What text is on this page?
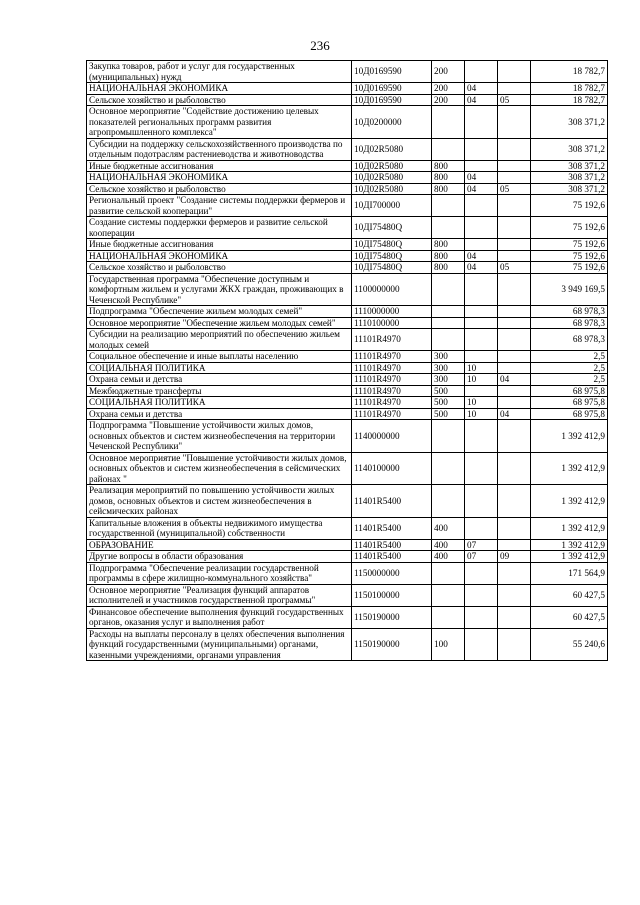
236
Закупка товаров, работ и услуг для государственных (муниципальных) нужд	10Д0169590	200			18 782,7
НАЦИОНАЛЬНАЯ ЭКОНОМИКА	10Д0169590	200	04		18 782,7
Сельское хозяйство и рыболовство	10Д0169590	200	04	05	18 782,7
Основное мероприятие "Содействие достижению целевых показателей региональных программ развития агропромышленного комплекса"	10Д0200000				308 371,2
Субсидии на поддержку сельскохозяйственного производства по отдельным подотраслям растениеводства и животноводства	10Д02R5080				308 371,2
Иные бюджетные ассигнования	10Д02R5080	800			308 371,2
НАЦИОНАЛЬНАЯ ЭКОНОМИКА	10Д02R5080	800	04		308 371,2
Сельское хозяйство и рыболовство	10Д02R5080	800	04	05	308 371,2
Региональный проект "Создание системы поддержки фермеров и развитие сельской кооперации"	10ДI700000				75 192,6
Создание системы поддержки фермеров и развитие сельской кооперации	10ДI75480Q				75 192,6
Иные бюджетные ассигнования	10ДI75480Q	800			75 192,6
НАЦИОНАЛЬНАЯ ЭКОНОМИКА	10ДI75480Q	800	04		75 192,6
Сельское хозяйство и рыболовство	10ДI75480Q	800	04	05	75 192,6
Государственная программа "Обеспечение доступным и комфортным жильем и услугами ЖКХ граждан, проживающих в Чеченской Республике"	1100000000				3 949 169,5
Подпрограмма "Обеспечение жильем молодых семей"	1110000000				68 978,3
Основное мероприятие "Обеспечение жильем молодых семей"	1110100000				68 978,3
Субсидии на реализацию мероприятий по обеспечению жильем молодых семей	11101R4970				68 978,3
Социальное обеспечение и иные выплаты населению	11101R4970	300			2,5
СОЦИАЛЬНАЯ ПОЛИТИКА	11101R4970	300	10		2,5
Охрана семьи и детства	11101R4970	300	10	04	2,5
Межбюджетные трансферты	11101R4970	500			68 975,8
СОЦИАЛЬНАЯ ПОЛИТИКА	11101R4970	500	10		68 975,8
Охрана семьи и детства	11101R4970	500	10	04	68 975,8
Подпрограмма "Повышение устойчивости жилых домов, основных объектов и систем жизнеобеспечения на территории Чеченской Республики"	1140000000				1 392 412,9
Основное мероприятие "Повышение устойчивости жилых домов, основных объектов и систем жизнеобеспечения в сейсмических районах "	1140100000				1 392 412,9
Реализация мероприятий по повышению устойчивости жилых домов, основных объектов и систем жизнеобеспечения в сейсмических районах	11401R5400				1 392 412,9
Капитальные вложения в объекты недвижимого имущества государственной (муниципальной) собственности	11401R5400	400			1 392 412,9
ОБРАЗОВАНИЕ	11401R5400	400	07		1 392 412,9
Другие вопросы в области образования	11401R5400	400	07	09	1 392 412,9
Подпрограмма "Обеспечение реализации государственной программы в сфере жилищно-коммунального хозяйства"	1150000000				171 564,9
Основное мероприятие "Реализация функций аппаратов исполнителей и участников государственной программы"	1150100000				60 427,5
Финансовое обеспечение выполнения функций государственных органов, оказания услуг и выполнения работ	1150190000				60 427,5
Расходы на выплаты персоналу в целях обеспечения выполнения функций государственными (муниципальными) органами, казенными учреждениями, органами управления	1150190000	100			55 240,6
